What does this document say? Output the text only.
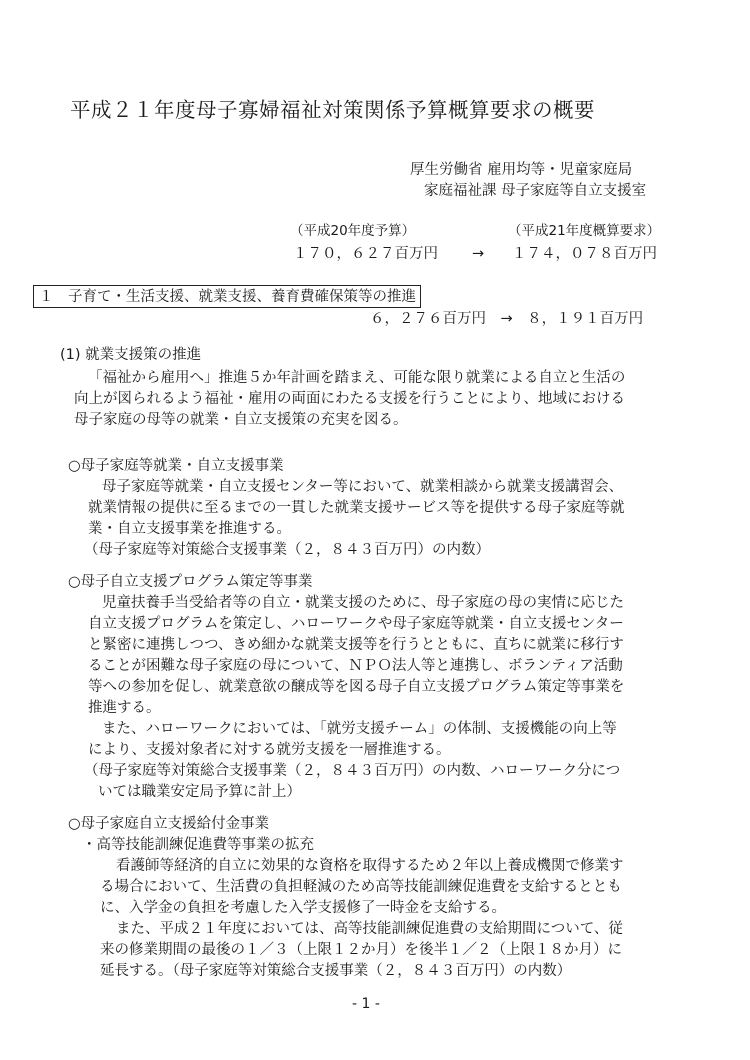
平成２１年度母子寡婦福祉対策関係予算概算要求の概要
厚生労働省 雇用均等・児童家庭局
家庭福祉課 母子家庭等自立支援室
（平成20年度予算）	（平成21年度概算要求）
１７０，６２７百万円 → １７４，０７８百万円
１　子育て・生活支援、就業支援、養育費確保策等の推進
６，２７６百万円　→　８，１９１百万円
(1) 就業支援策の推進
「福祉から雇用へ」推進５か年計画を踏まえ、可能な限り就業による自立と生活の
向上が図られるよう福祉・雇用の両面にわたる支援を行うことにより、地域における
母子家庭の母等の就業・自立支援策の充実を図る。
○母子家庭等就業・自立支援事業
母子家庭等就業・自立支援センター等において、就業相談から就業支援講習会、
就業情報の提供に至るまでの一貫した就業支援サービス等を提供する母子家庭等就
業・自立支援事業を推進する。
（母子家庭等対策総合支援事業（２，８４３百万円）の内数）
○母子自立支援プログラム策定等事業
児童扶養手当受給者等の自立・就業支援のために、母子家庭の母の実情に応じた
自立支援プログラムを策定し、ハローワークや母子家庭等就業・自立支援センター
と緊密に連携しつつ、きめ細かな就業支援等を行うとともに、直ちに就業に移行す
ることが困難な母子家庭の母について、ＮＰＯ法人等と連携し、ボランティア活動
等への参加を促し、就業意欲の醸成等を図る母子自立支援プログラム策定等事業を
推進する。
また、ハローワークにおいては、「就労支援チーム」の体制、支援機能の向上等
により、支援対象者に対する就労支援を一層推進する。
（母子家庭等対策総合支援事業（２，８４３百万円）の内数、ハローワーク分につ
いては職業安定局予算に計上）
○母子家庭自立支援給付金事業
・高等技能訓練促進費等事業の拡充
看護師等経済的自立に効果的な資格を取得するため２年以上養成機関で修業す
る場合において、生活費の負担軽減のため高等技能訓練促進費を支給するととも
に、入学金の負担を考慮した入学支援修了一時金を支給する。
また、平成２１年度においては、高等技能訓練促進費の支給期間について、従
来の修業期間の最後の１／３（上限１２か月）を後半１／２（上限１８か月）に
延長する。（母子家庭等対策総合支援事業（２，８４３百万円）の内数）
- 1 -
